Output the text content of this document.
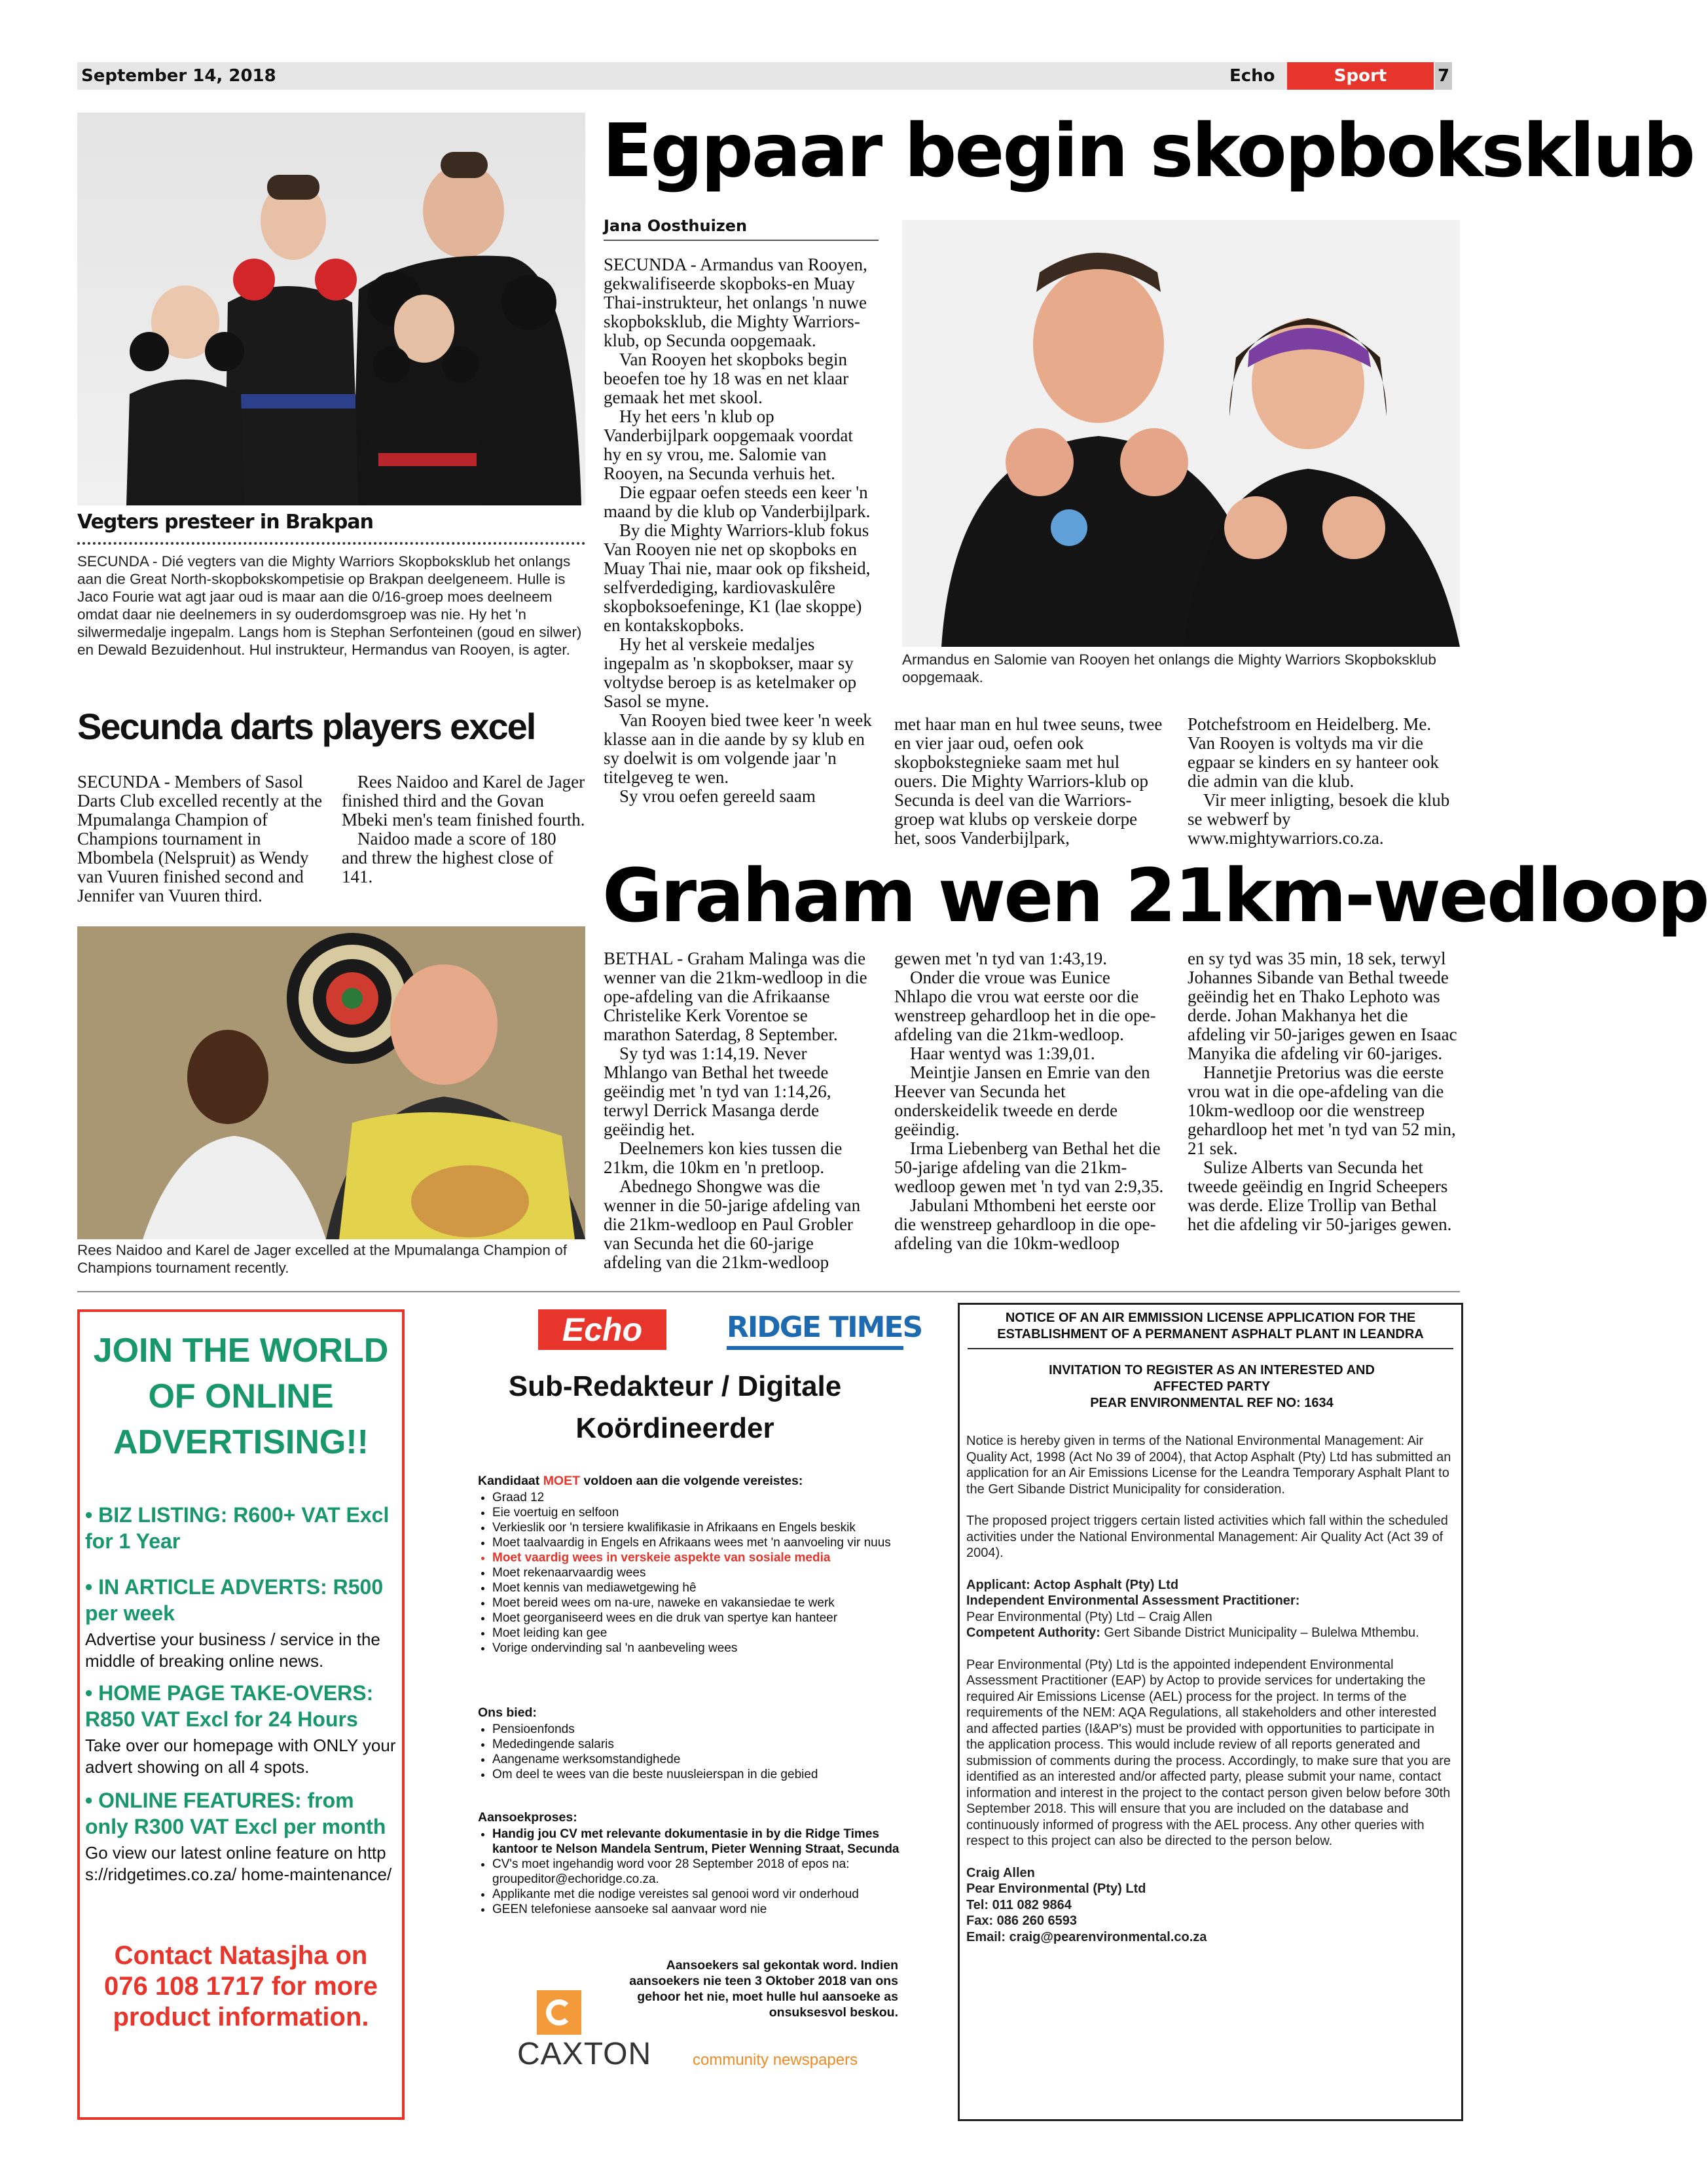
September 14, 2018	Echo	Sport	7
Vegters presteer in Brakpan
SECUNDA - Dié vegters van die Mighty Warriors Skopboksklub het onlangs aan die Great North-skopbokskompetisie op Brakpan deelgeneem. Hulle is Jaco Fourie wat agt jaar oud is maar aan die 0/16-groep moes deelneem omdat daar nie deelnemers in sy ouderdomsgroep was nie. Hy het 'n silwermedalje ingepalm. Langs hom is Stephan Serfonteinen (goud en silwer) en Dewald Bezuidenhout. Hul instrukteur, Hermandus van Rooyen, is agter.
Secunda darts players excel

SECUNDA - Members of Sasol Darts Club excelled recently at the Mpumalanga Champion of Champions tournament in Mbombela (Nelspruit) as Wendy van Vuuren finished second and Jennifer van Vuuren third.

Rees Naidoo and Karel de Jager finished third and the Govan Mbeki men's team finished fourth.

Naidoo made a score of 180 and threw the highest close of 141.

Rees Naidoo and Karel de Jager excelled at the Mpumalanga Champion of Champions tournament recently.
Egpaar begin skopboksklub
Jana Oosthuizen

SECUNDA - Armandus van Rooyen, gekwalifiseerde skopboks-en Muay Thai-instrukteur, het onlangs 'n nuwe skopboksklub, die Mighty Warriors-klub, op Secunda oopgemaak.

Van Rooyen het skopboks begin beoefen toe hy 18 was en net klaar gemaak het met skool.

Hy het eers 'n klub op Vanderbijlpark oopgemaak voordat hy en sy vrou, me. Salomie van Rooyen, na Secunda verhuis het.

Die egpaar oefen steeds een keer 'n maand by die klub op Vanderbijlpark.

By die Mighty Warriors-klub fokus Van Rooyen nie net op skopboks en Muay Thai nie, maar ook op fiksheid, selfverdediging, kardiovaskulêre skopboksoefeninge, K1 (lae skoppe) en kontakskopboks.

Hy het al verskeie medaljes ingepalm as 'n skopbokser, maar sy voltydse beroep is as ketelmaker op Sasol se myne.

Van Rooyen bied twee keer 'n week klasse aan in die aande by sy klub en sy doelwit is om volgende jaar 'n titelgeveg te wen.

Sy vrou oefen gereeld saam

Armandus en Salomie van Rooyen het onlangs die Mighty Warriors Skopboksklub oopgemaak.

met haar man en hul twee seuns, twee en vier jaar oud, oefen ook skopbokstegnieke saam met hul ouers. Die Mighty Warriors-klub op Secunda is deel van die Warriors-groep wat klubs op verskeie dorpe het, soos Vanderbijlpark,

Potchefstroom en Heidelberg. Me. Van Rooyen is voltyds ma vir die egpaar se kinders en sy hanteer ook die admin van die klub.

Vir meer inligting, besoek die klub se webwerf by www.mightywarriors.co.za.

Graham wen 21km-wedloop

BETHAL - Graham Malinga was die wenner van die 21km-wedloop in die ope-afdeling van die Afrikaanse Christelike Kerk Vorentoe se marathon Saterdag, 8 September.

Sy tyd was 1:14,19. Never Mhlango van Bethal het tweede geëindig met 'n tyd van 1:14,26, terwyl Derrick Masanga derde geëindig het.

Deelnemers kon kies tussen die 21km, die 10km en 'n pretloop.

Abednego Shongwe was die wenner in die 50-jarige afdeling van die 21km-wedloop en Paul Grobler van Secunda het die 60-jarige afdeling van die 21km-wedloop

gewen met 'n tyd van 1:43,19.

Onder die vroue was Eunice Nhlapo die vrou wat eerste oor die wenstreep gehardloop het in die ope-afdeling van die 21km-wedloop.

Haar wentyd was 1:39,01.

Meintjie Jansen en Emrie van den Heever van Secunda het onderskeidelik tweede en derde geëindig.

Irma Liebenberg van Bethal het die 50-jarige afdeling van die 21km-wedloop gewen met 'n tyd van 2:9,35.

Jabulani Mthombeni het eerste oor die wenstreep gehardloop in die ope-afdeling van die 10km-wedloop

en sy tyd was 35 min, 18 sek, terwyl Johannes Sibande van Bethal tweede geëindig het en Thako Lephoto was derde. Johan Makhanya het die afdeling vir 50-jariges gewen en Isaac Manyika die afdeling vir 60-jariges.

Hannetjie Pretorius was die eerste vrou wat in die ope-afdeling van die 10km-wedloop oor die wenstreep gehardloop het met 'n tyd van 52 min, 21 sek.

Sulize Alberts van Secunda het tweede geëindig en Ingrid Scheepers was derde. Elize Trollip van Bethal het die afdeling vir 50-jariges gewen.

JOIN THE WORLD OF ONLINE ADVERTISING!!
• BIZ LISTING: R600+ VAT Excl for 1 Year
• IN ARTICLE ADVERTS: R500 per week
Advertise your business / service in the middle of breaking online news.
• HOME PAGE TAKE-OVERS: R850 VAT Excl for 24 Hours
Take over our homepage with ONLY your advert showing on all 4 spots.
• ONLINE FEATURES: from only R300 VAT Excl per month
Go view our latest online feature on https://ridgetimes.co.za/ home-maintenance/
Contact Natasjha on 076 108 1717 for more product information.
Echo	RIDGE TIMES
Sub-Redakteur / Digitale Koördineerder
Kandidaat MOET voldoen aan die volgende vereistes:
• Graad 12
• Eie voertuig en selfoon
• Verkieslik oor 'n tersiere kwalifikasie in Afrikaans en Engels beskik
• Moet taalvaardig in Engels en Afrikaans wees met 'n aanvoeling vir nuus
• Moet vaardig wees in verskeie aspekte van sosiale media
• Moet rekenaarvaardig wees
• Moet kennis van mediawetgewing hê
• Moet bereid wees om na-ure, naweke en vakansiedae te werk
• Moet georganiseerd wees en die druk van spertye kan hanteer
• Moet leiding kan gee
• Vorige ondervinding sal 'n aanbeveling wees
Ons bied:
• Pensioenfonds
• Mededingende salaris
• Aangename werksomstandighede
• Om deel te wees van die beste nuusleierspan in die gebied
Aansoekproses:
• Handig jou CV met relevante dokumentasie in by die Ridge Times kantoor te Nelson Mandela Sentrum, Pieter Wenning Straat, Secunda
• CV's moet ingehandig word voor 28 September 2018 of epos na: groupeditor@echoridge.co.za.
• Applikante met die nodige vereistes sal genooi word vir onderhoud
• GEEN telefoniese aansoeke sal aanvaar word nie
Aansoekers sal gekontak word. Indien aansoekers nie teen 3 Oktober 2018 van ons gehoor het nie, moet hulle hul aansoeke as onsuksesvol beskou.
CAXTON	community newspapers
NOTICE OF AN AIR EMMISSION LICENSE APPLICATION FOR THE ESTABLISHMENT OF A PERMANENT ASPHALT PLANT IN LEANDRA
INVITATION TO REGISTER AS AN INTERESTED AND AFFECTED PARTY
PEAR ENVIRONMENTAL REF NO: 1634

Notice is hereby given in terms of the National Environmental Management: Air Quality Act, 1998 (Act No 39 of 2004), that Actop Asphalt (Pty) Ltd has submitted an application for an Air Emissions License for the Leandra Temporary Asphalt Plant to the Gert Sibande District Municipality for consideration.

The proposed project triggers certain listed activities which fall within the scheduled activities under the National Environmental Management: Air Quality Act (Act 39 of 2004).

Applicant: Actop Asphalt (Pty) Ltd
Independent Environmental Assessment Practitioner:
Pear Environmental (Pty) Ltd – Craig Allen
Competent Authority: Gert Sibande District Municipality – Bulelwa Mthembu.

Pear Environmental (Pty) Ltd is the appointed independent Environmental Assessment Practitioner (EAP) by Actop to provide services for undertaking the required Air Emissions License (AEL) process for the project. In terms of the requirements of the NEM: AQA Regulations, all stakeholders and other interested and affected parties (I&AP's) must be provided with opportunities to participate in the application process. This would include review of all reports generated and submission of comments during the process. Accordingly, to make sure that you are identified as an interested and/or affected party, please submit your name, contact information and interest in the project to the contact person given below before 30th September 2018. This will ensure that you are included on the database and continuously informed of progress with the AEL process. Any other queries with respect to this project can also be directed to the person below.

Craig Allen
Pear Environmental (Pty) Ltd
Tel: 011 082 9864
Fax: 086 260 6593
Email: craig@pearenvironmental.co.za
